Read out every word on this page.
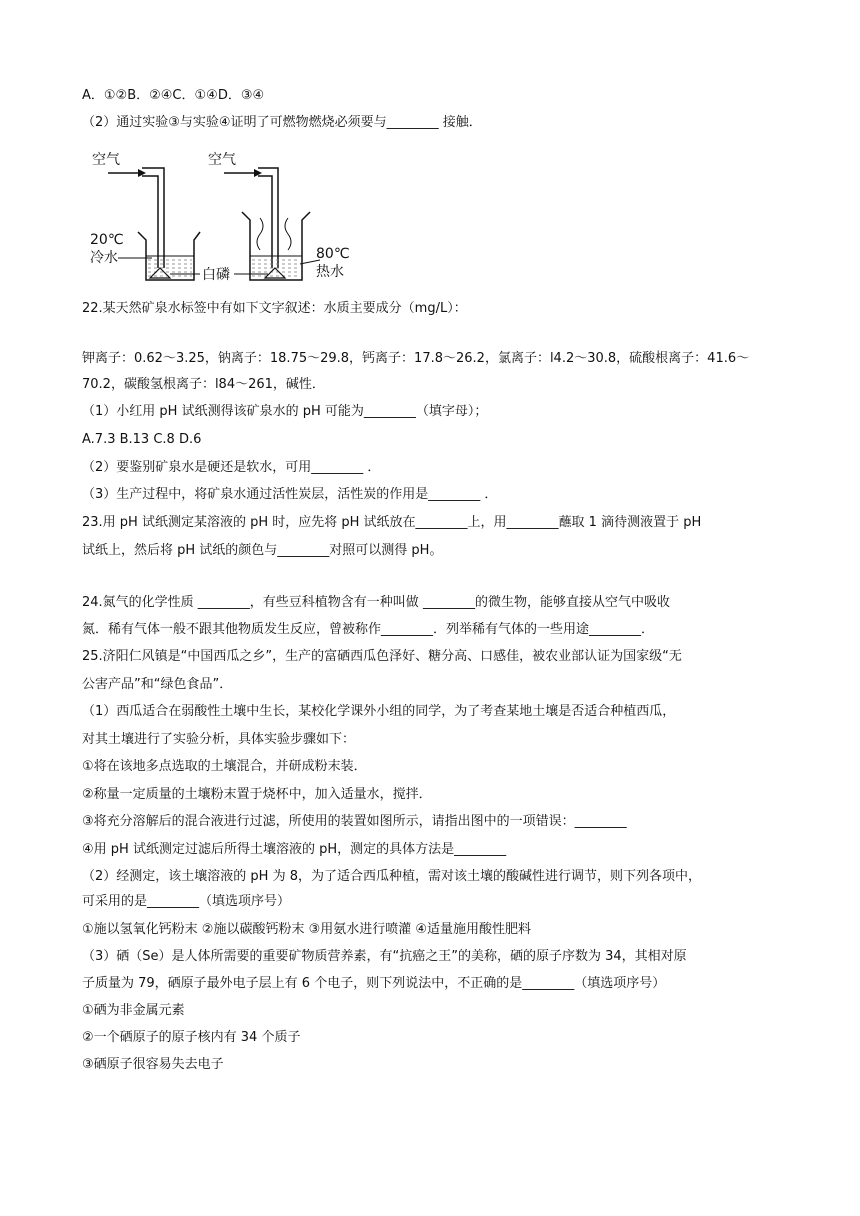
A．①②B．②④C．①④D．③④
（2）通过实验③与实验④证明了可燃物燃烧必须要与________ 接触．
空气
20℃
冷水
空气
80℃
热水
白磷
22.某天然矿泉水标签中有如下文字叙述：水质主要成分（mg/L）：
钾离子：0.62～3.25，钠离子：18.75～29.8，钙离子：17.8～26.2，氯离子：l4.2～30.8，硫酸根离子：41.6～
70.2，碳酸氢根离子：l84～261，碱性．
（1）小红用 pH 试纸测得该矿泉水的 pH 可能为________（填字母）；
A.7.3 B.13 C.8 D.6
（2）要鉴别矿泉水是硬还是软水，可用________ ．
（3）生产过程中，将矿泉水通过活性炭层，活性炭的作用是________ ．
23.用 pH 试纸测定某溶液的 pH 时，应先将 pH 试纸放在________上，用________蘸取 1 滴待测液置于 pH
试纸上，然后将 pH 试纸的颜色与________对照可以测得 pH。
24.氮气的化学性质 ________，有些豆科植物含有一种叫做 ________的微生物，能够直接从空气中吸收
氮．稀有气体一般不跟其他物质发生反应，曾被称作________．列举稀有气体的一些用途________．
25.济阳仁风镇是“中国西瓜之乡”，生产的富硒西瓜色泽好、糖分高、口感佳，被农业部认证为国家级“无
公害产品”和“绿色食品”．
（1）西瓜适合在弱酸性土壤中生长，某校化学课外小组的同学，为了考查某地土壤是否适合种植西瓜，
对其土壤进行了实验分析，具体实验步骤如下：
①将在该地多点选取的土壤混合，并研成粉末装．
②称量一定质量的土壤粉末置于烧杯中，加入适量水，搅拌．
③将充分溶解后的混合液进行过滤，所使用的装置如图所示，请指出图中的一项错误：________
④用 pH 试纸测定过滤后所得土壤溶液的 pH，测定的具体方法是________
（2）经测定，该土壤溶液的 pH 为 8，为了适合西瓜种植，需对该土壤的酸碱性进行调节，则下列各项中，
可采用的是________（填选项序号）
①施以氢氧化钙粉末 ②施以碳酸钙粉末 ③用氨水进行喷灌 ④适量施用酸性肥料
（3）硒（Se）是人体所需要的重要矿物质营养素，有“抗癌之王”的美称，硒的原子序数为 34，其相对原
子质量为 79，硒原子最外电子层上有 6 个电子，则下列说法中，不正确的是________（填选项序号）
①硒为非金属元素
②一个硒原子的原子核内有 34 个质子
③硒原子很容易失去电子
